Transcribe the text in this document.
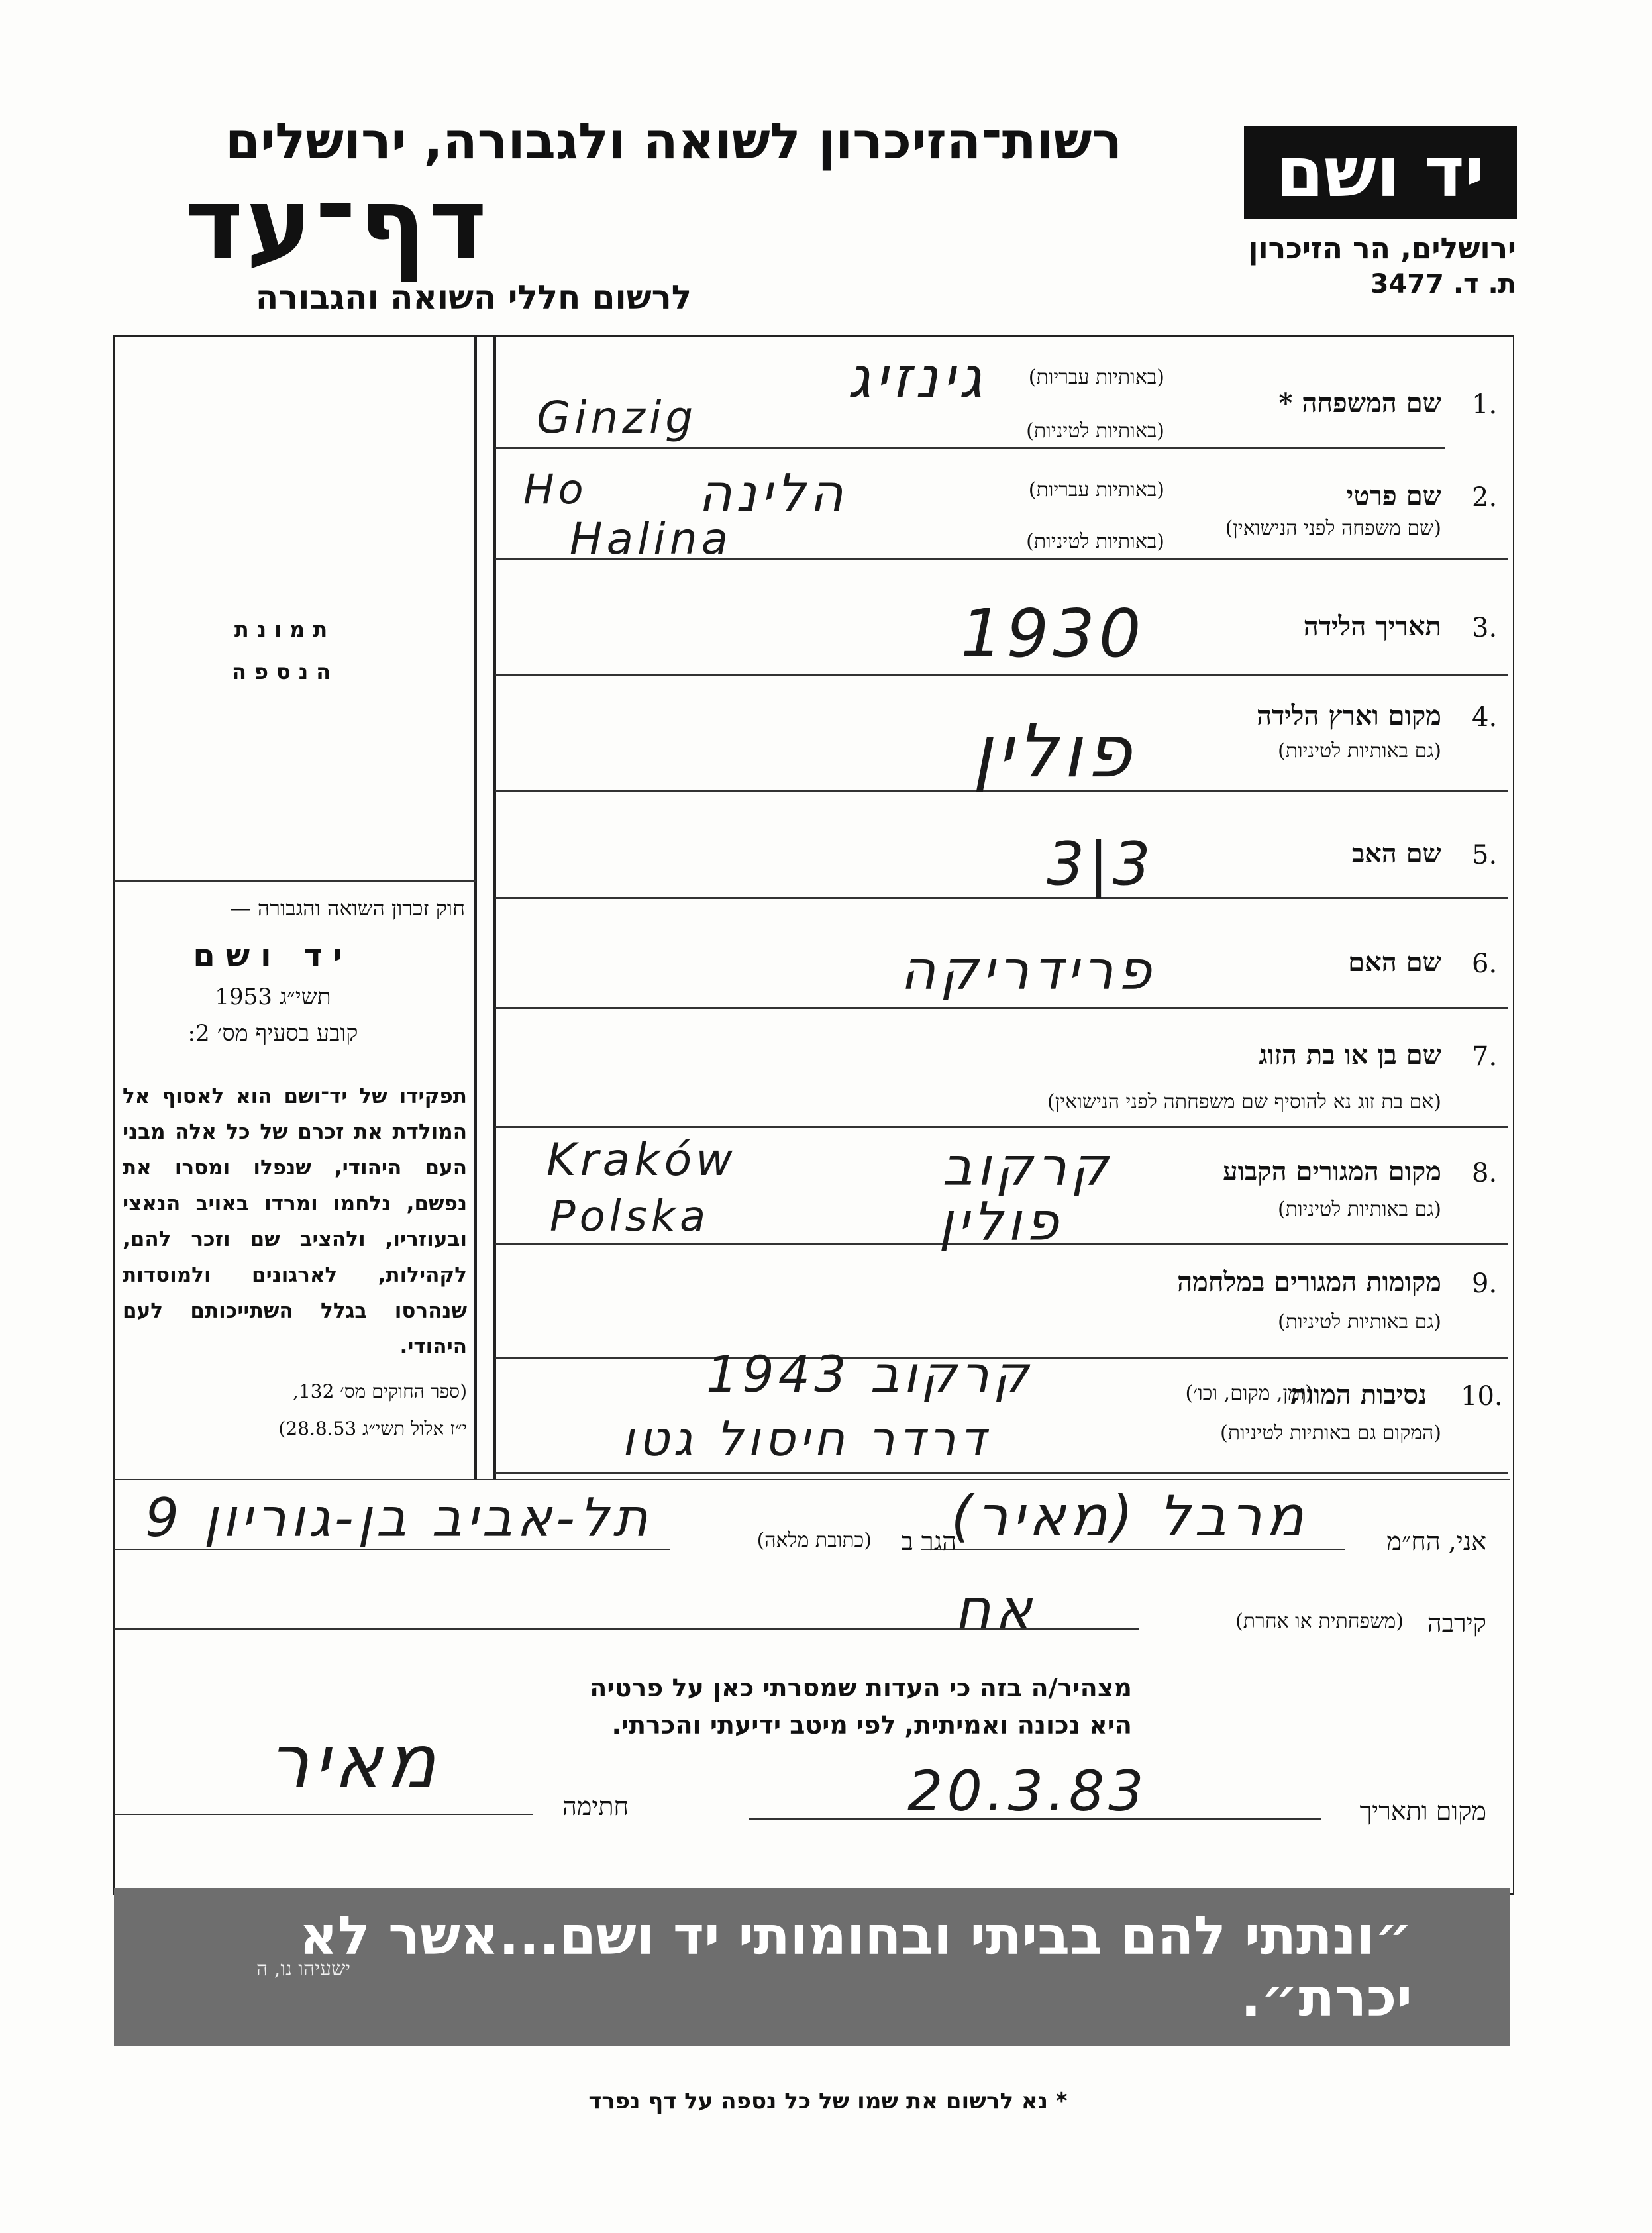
יד ושם
ירושלים, הר הזיכרון
ת. ד. 3477
רשות־הזיכרון לשואה ולגבורה, ירושלים
דף־עד
לרשום חללי השואה והגבורה
1.
שם המשפחה *
(באותיות עבריות)
(באותיות לטיניות)
גינזיג
Ginzig
2.
שם פרטי
(שם משפחה לפני הנישואין)
(באותיות עבריות)
(באותיות לטיניות)
הלינה
Ho
Halina
3.
תאריך הלידה
1930
4.
מקום וארץ הלידה
(גם באותיות לטיניות)
פולין
5.
שם האב
3|3
6.
שם האם
פרידריקה
7.
שם בן או בת הזוג
(אם בת זוג נא להוסיף שם משפחתה לפני הנישואין)
8.
מקום המגורים הקבוע
(גם באותיות לטיניות)
קרקוב
פולין
Kraków
Polska
9.
מקומות המגורים במלחמה
(גם באותיות לטיניות)
10.
נסיבות המוות
(זמן, מקום, וכו׳)
(המקום גם באותיות לטיניות)
קרקוב 1943
דרדר חיסול גטו
תמונת
הנספה
חוק זכרון השואה והגבורה —
יד ושם
תשי״ג 1953
קובע בסעיף מס׳ 2:
תפקידו של יד־ושם הוא לאסוף אל המולדת את זכרם של כל אלה מבני העם היהודי, שנפלו ומסרו את נפשם, נלחמו ומרדו באויב הנאצי ובעוזריו, ולהציב שם וזכר להם, לקהילות, לארגונים ולמוסדות שנהרסו בגלל השתייכותם לעם היהודי.
(ספר החוקים מס׳ 132,
י״ז אלול תשי״ג 28.8.53)
אני, הח״מ
מרבל (מאיר)
הגר ב
(כתובת מלאה)
תל-אביב בן-גוריון 9
קירבה
(משפחתית או אחרת)
אח
מצהיר/ה בזה כי העדות שמסרתי כאן על פרטיה
היא נכונה ואמיתית, לפי מיטב ידיעתי והכרתי.
מקום ותאריך
20.3.83
חתימה
מאיר
״ונתתי להם בביתי ובחומותי יד ושם...אשר לא יכרת״.
ישעיהו נו, ה
* נא לרשום את שמו של כל נספה על דף נפרד
